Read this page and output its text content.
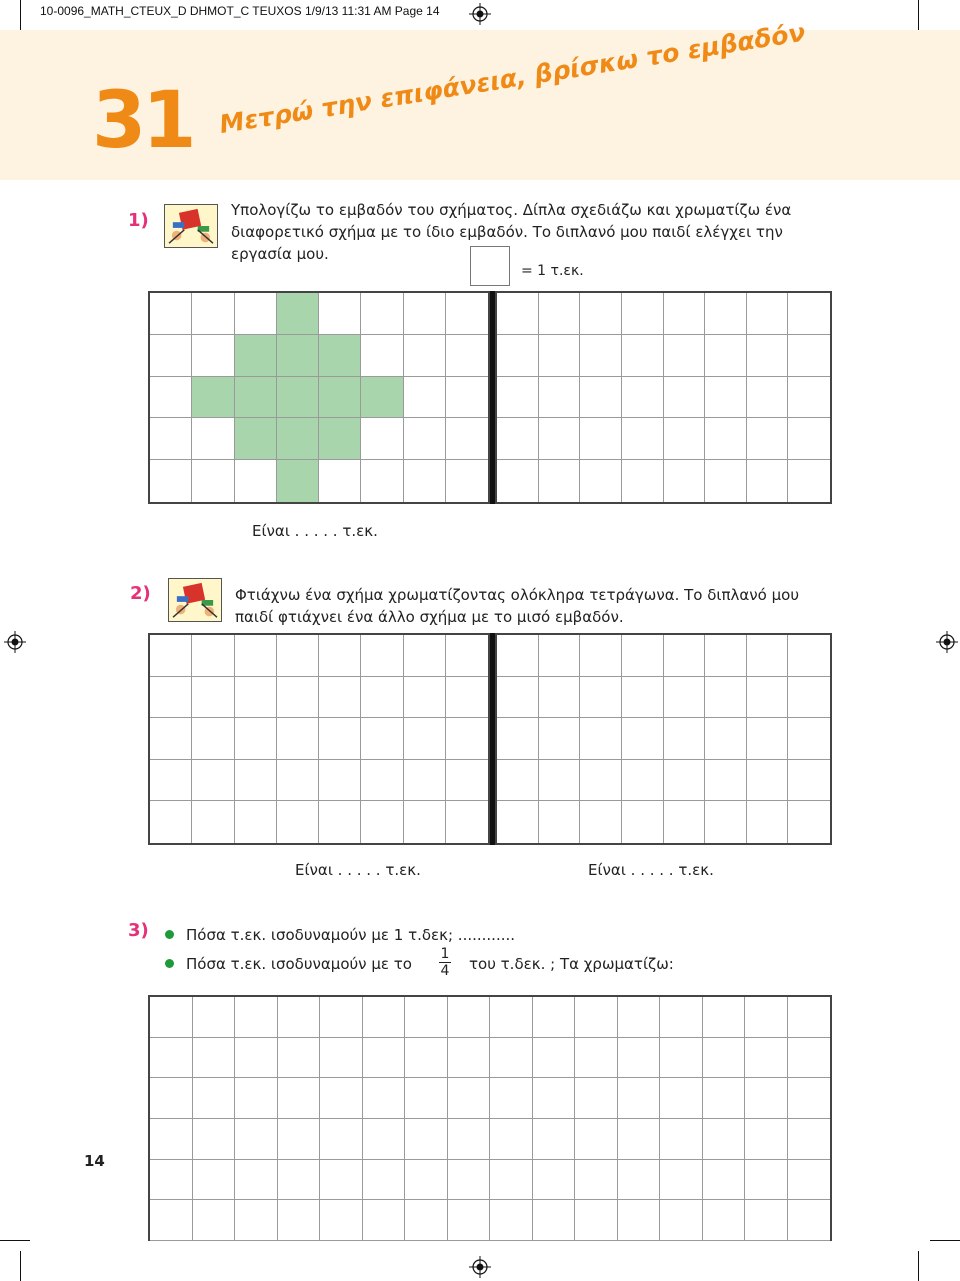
10-0096_MATH_CTEUX_D DHMOT_C TEUXOS 1/9/13 11:31 AM Page 14
31 Μετρώ την επιφάνεια, βρίσκω το εμβαδόν
1)	Υπολογίζω το εμβαδόν του σχήματος. Δίπλα σχεδιάζω και χρωματίζω ένα
διαφορετικό σχήμα με το ίδιο εμβαδόν. Το διπλανό μου παιδί ελέγχει την
εργασία μου.
= 1 τ.εκ.
Είναι . . . . . τ.εκ.
2)	Φτιάχνω ένα σχήμα χρωματίζοντας ολόκληρα τετράγωνα. Το διπλανό μου
παιδί φτιάχνει ένα άλλο σχήμα με το μισό εμβαδόν.
Είναι . . . . . τ.εκ.	Είναι . . . . . τ.εκ.
3) Πόσα τ.εκ. ισοδυναμούν με 1 τ.δεκ; ............
Πόσα τ.εκ. ισοδυναμούν με το
1
4 του τ.δεκ. ; Τα χρωματίζω:
14
